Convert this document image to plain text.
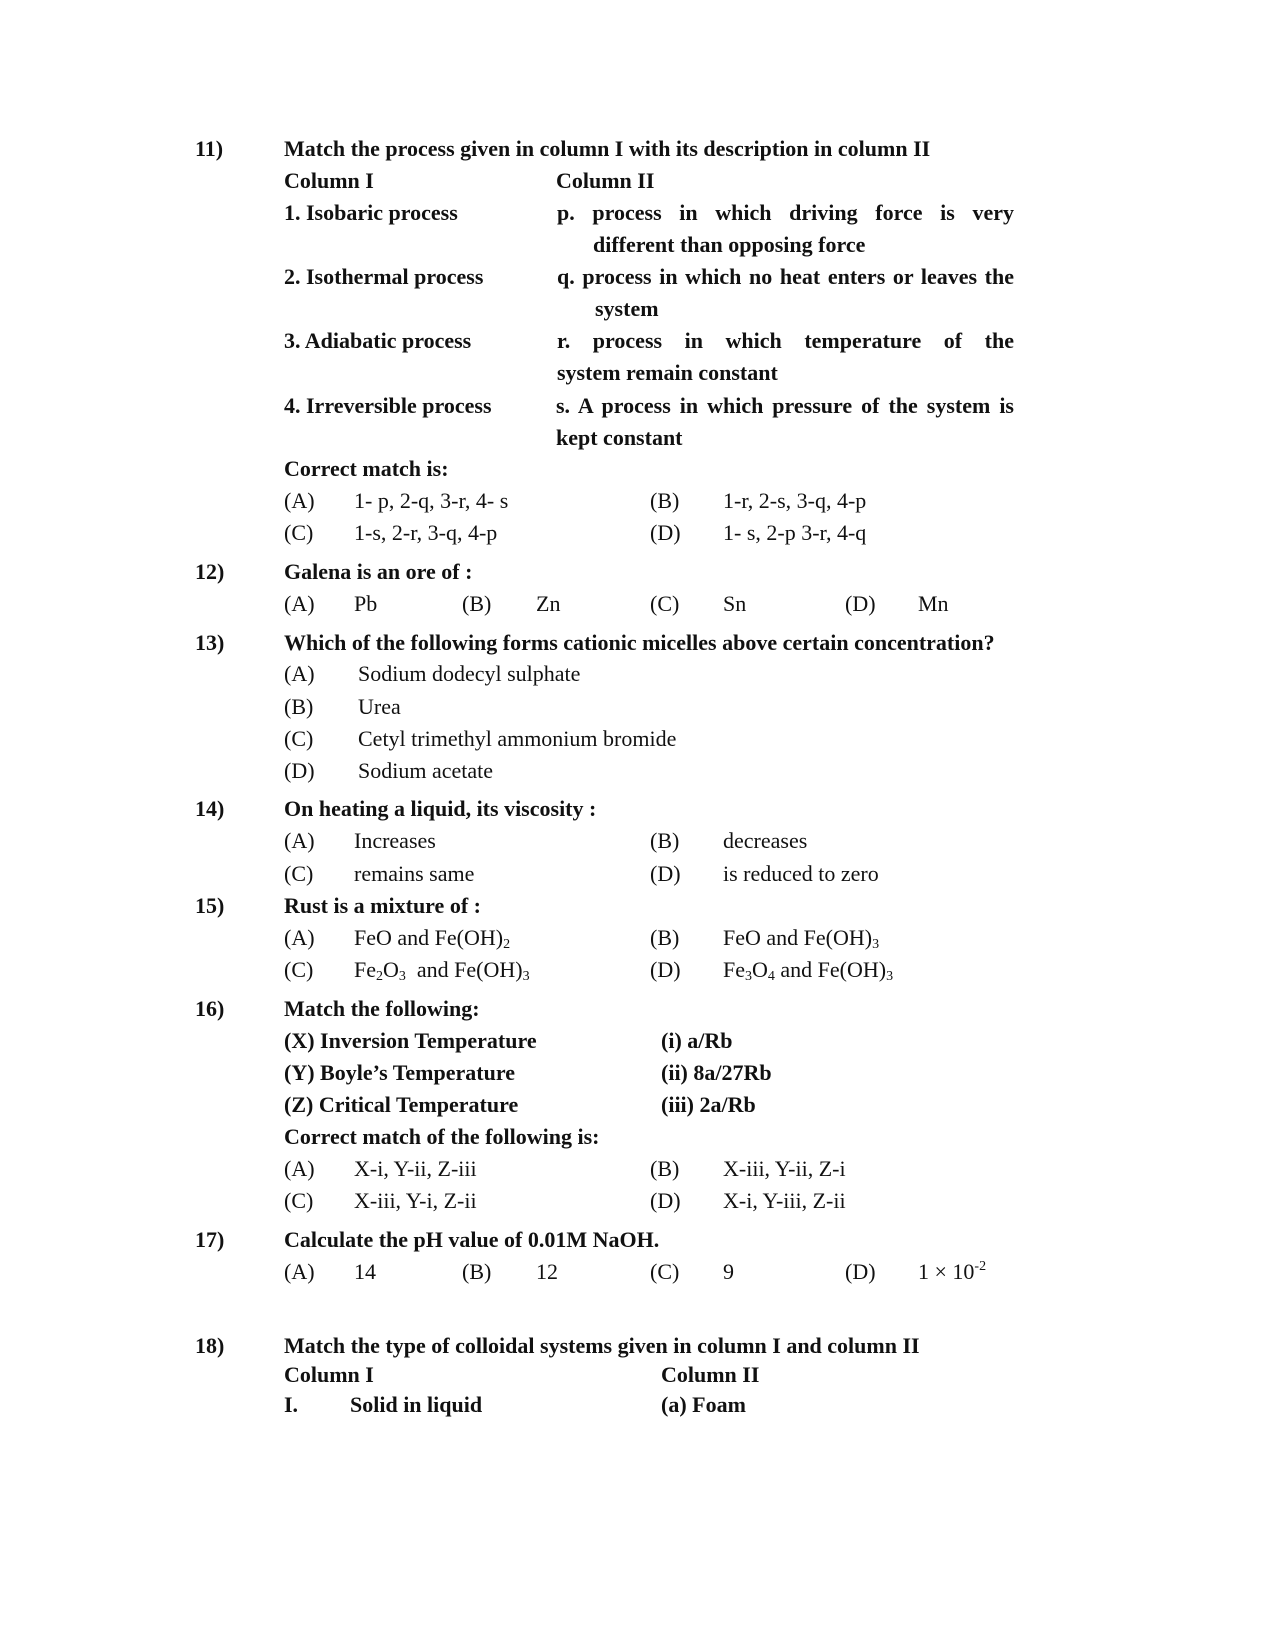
11)	Match the process given in column I with its description in column II
Column I	Column II
1. Isobaric process	p. process in which driving force is very
different than opposing force
2. Isothermal process	q. process in which no heat enters or leaves the
system
3. Adiabatic process	r. process in which temperature of the
system remain constant
4. Irreversible process	s. A process in which pressure of the system is
kept constant
Correct match is:
(A) 1- p, 2-q, 3-r, 4- s	(B) 1-r, 2-s, 3-q, 4-p
(C) 1-s, 2-r, 3-q, 4-p	(D) 1- s, 2-p 3-r, 4-q
12)	Galena is an ore of :
(A) Pb	(B) Zn	(C) Sn	(D) Mn
13)	Which of the following forms cationic micelles above certain concentration?
(A) Sodium dodecyl sulphate
(B) Urea
(C) Cetyl trimethyl ammonium bromide
(D) Sodium acetate
14)	On heating a liquid, its viscosity :
(A) Increases	(B) decreases
(C) remains same	(D) is reduced to zero
15)	Rust is a mixture of :
(A) FeO and $Fe(OH)_2$	(B) FeO and $Fe(OH)_3$
(C) $Fe_2O_3$  and $Fe(OH)_3$	(D) $Fe_3O_4$ and $Fe(OH)_3$
16)	Match the following:
(X) Inversion Temperature	(i) a/Rb
(Y) Boyle’s Temperature	(ii) 8a/27Rb
(Z) Critical Temperature	(iii) 2a/Rb
Correct match of the following is:
(A) X-i, Y-ii, Z-iii	(B) X-iii, Y-ii, Z-i
(C) X-iii, Y-i, Z-ii	(D) X-i, Y-iii, Z-ii
17)	Calculate the pH value of 0.01M NaOH.
(A) 14	(B) 12	(C) 9	(D) $1 \times 10^{-2}$
18)	Match the type of colloidal systems given in column I and column II
Column I	Column II
I. Solid in liquid	(a) Foam
